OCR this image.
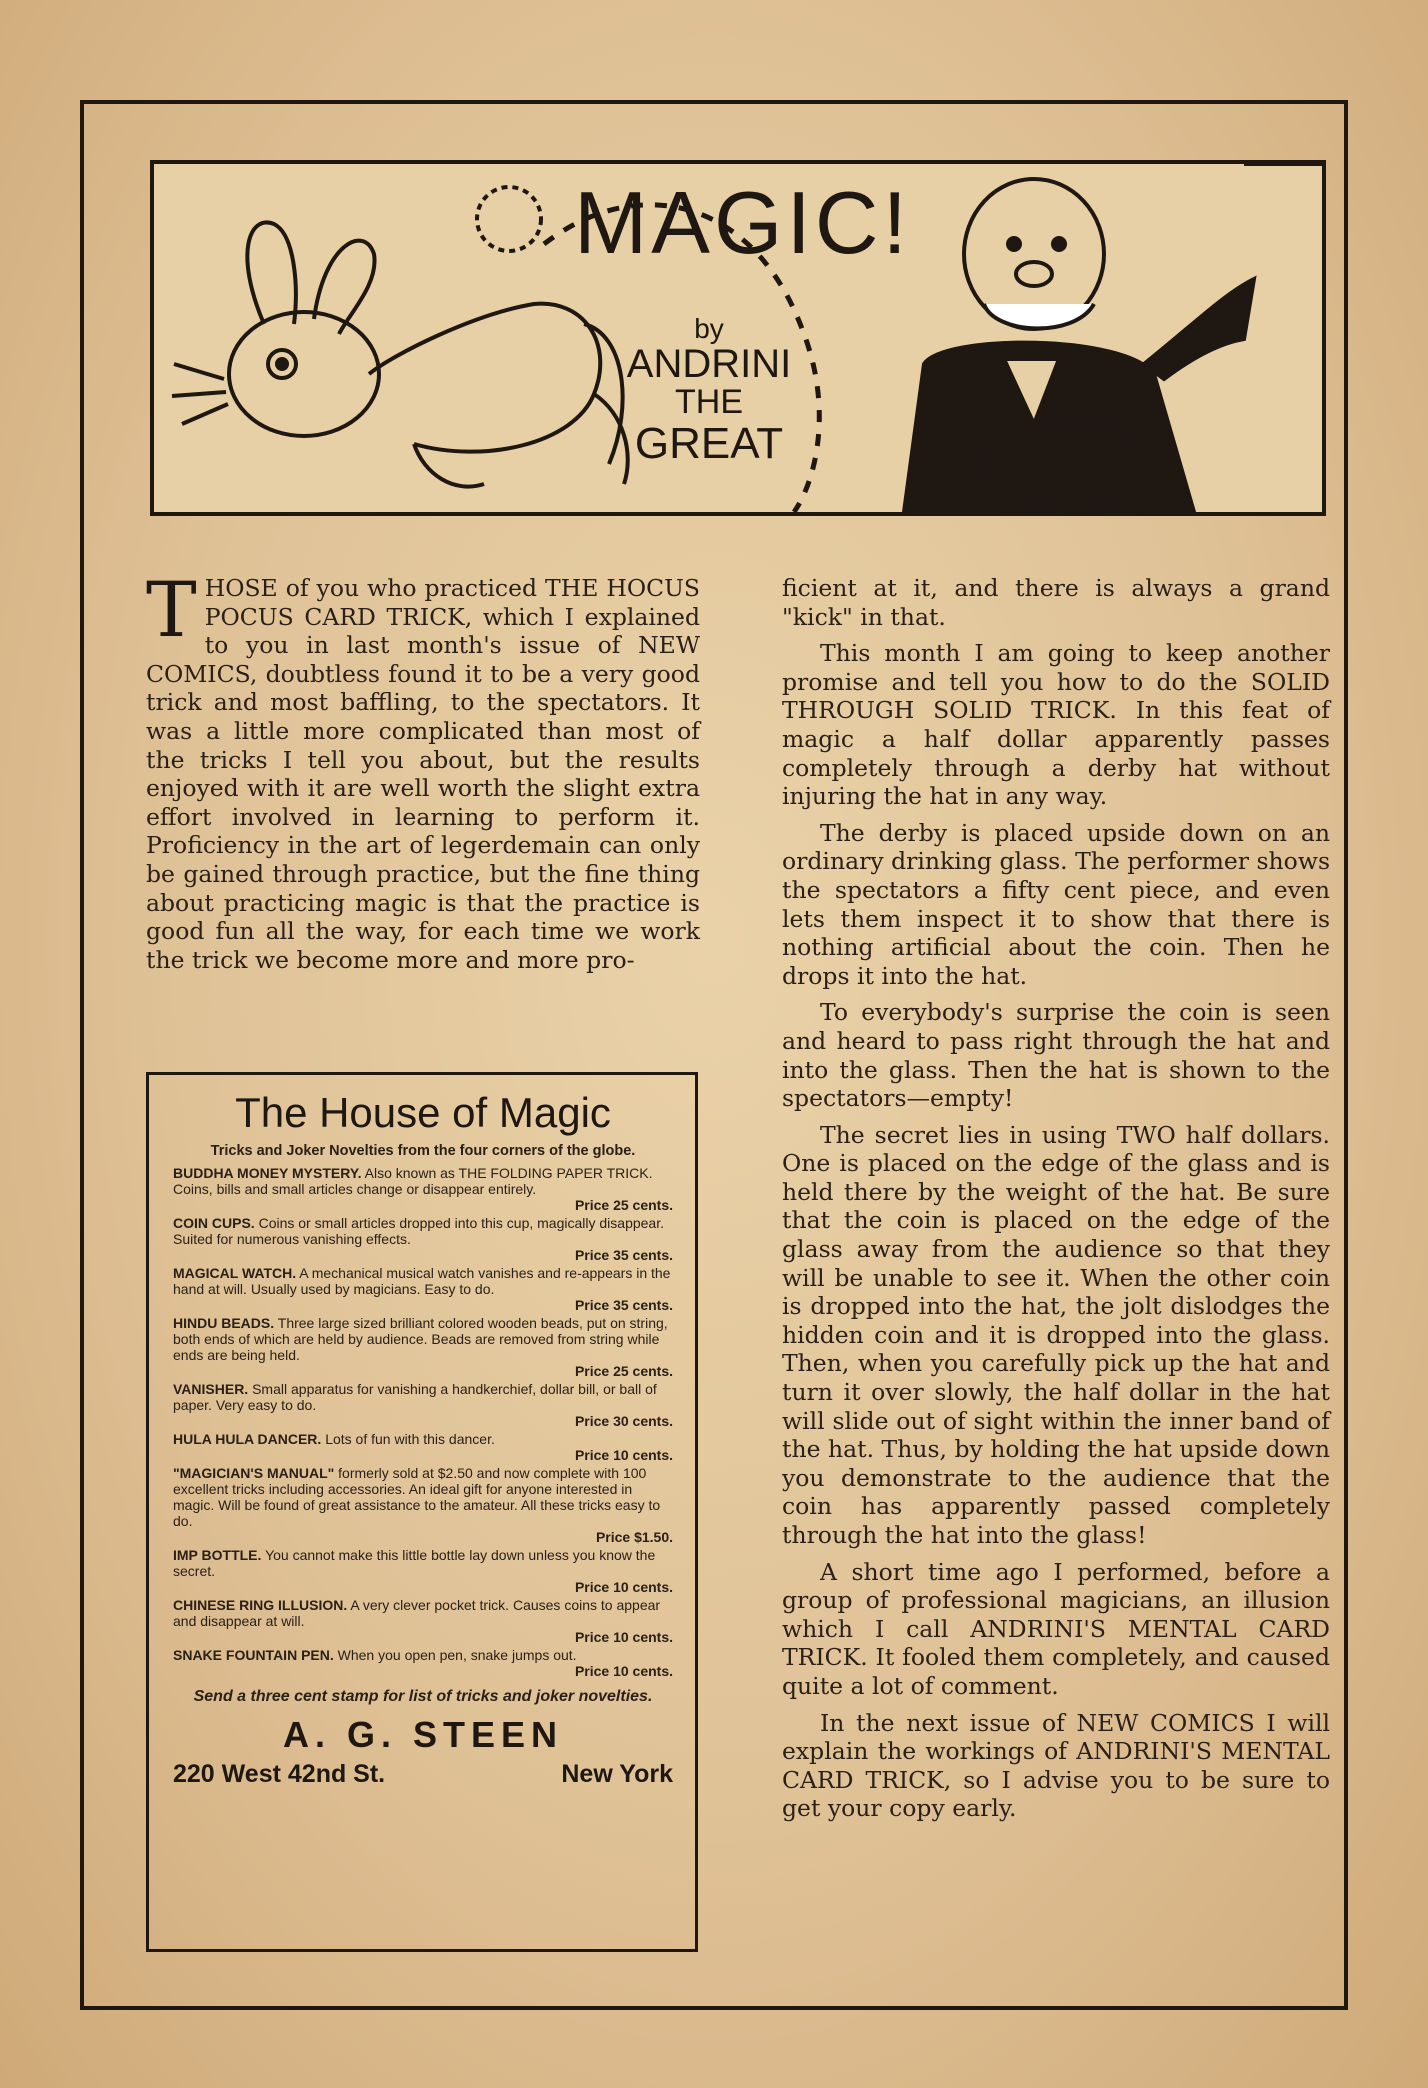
MAGIC!
by
ANDRINI
THE
GREAT

THOSE of you who practiced THE HOCUS POCUS CARD TRICK, which I explained to you in last month's issue of NEW COMICS, doubtless found it to be a very good trick and most baffling, to the spectators. It was a little more complicated than most of the tricks I tell you about, but the results enjoyed with it are well worth the slight extra effort involved in learning to perform it. Proficiency in the art of legerdemain can only be gained through practice, but the fine thing about practicing magic is that the practice is good fun all the way, for each time we work the trick we become more and more pro-

ficient at it, and there is always a grand "kick" in that.

This month I am going to keep another promise and tell you how to do the SOLID THROUGH SOLID TRICK. In this feat of magic a half dollar apparently passes completely through a derby hat without injuring the hat in any way.

The derby is placed upside down on an ordinary drinking glass. The performer shows the spectators a fifty cent piece, and even lets them inspect it to show that there is nothing artificial about the coin. Then he drops it into the hat.

To everybody's surprise the coin is seen and heard to pass right through the hat and into the glass. Then the hat is shown to the spectators—empty!

The secret lies in using TWO half dollars. One is placed on the edge of the glass and is held there by the weight of the hat. Be sure that the coin is placed on the edge of the glass away from the audience so that they will be unable to see it. When the other coin is dropped into the hat, the jolt dislodges the hidden coin and it is dropped into the glass. Then, when you carefully pick up the hat and turn it over slowly, the half dollar in the hat will slide out of sight within the inner band of the hat. Thus, by holding the hat upside down you demonstrate to the audience that the coin has apparently passed completely through the hat into the glass!

A short time ago I performed, before a group of professional magicians, an illusion which I call ANDRINI'S MENTAL CARD TRICK. It fooled them completely, and caused quite a lot of comment.

In the next issue of NEW COMICS I will explain the workings of ANDRINI'S MENTAL CARD TRICK, so I advise you to be sure to get your copy early.

The House of Magic
Tricks and Joker Novelties from the four corners of the globe.
BUDDHA MONEY MYSTERY. Also known as THE FOLDING PAPER TRICK. Coins, bills and small articles change or disappear entirely.
Price 25 cents.
COIN CUPS. Coins or small articles dropped into this cup, magically disappear. Suited for numerous vanishing effects.
Price 35 cents.
MAGICAL WATCH. A mechanical musical watch vanishes and re-appears in the hand at will. Usually used by magicians. Easy to do.
Price 35 cents.
HINDU BEADS. Three large sized brilliant colored wooden beads, put on string, both ends of which are held by audience. Beads are removed from string while ends are being held.
Price 25 cents.
VANISHER. Small apparatus for vanishing a handkerchief, dollar bill, or ball of paper. Very easy to do.
Price 30 cents.
HULA HULA DANCER. Lots of fun with this dancer.
Price 10 cents.
"MAGICIAN'S MANUAL" formerly sold at $2.50 and now complete with 100 excellent tricks including accessories. An ideal gift for anyone interested in magic. Will be found of great assistance to the amateur. All these tricks easy to do.
Price $1.50.
IMP BOTTLE. You cannot make this little bottle lay down unless you know the secret.
Price 10 cents.
CHINESE RING ILLUSION. A very clever pocket trick. Causes coins to appear and disappear at will.
Price 10 cents.
SNAKE FOUNTAIN PEN. When you open pen, snake jumps out.
Price 10 cents.
Send a three cent stamp for list of tricks and joker novelties.
A. G. STEEN
220 West 42nd St.	New York
